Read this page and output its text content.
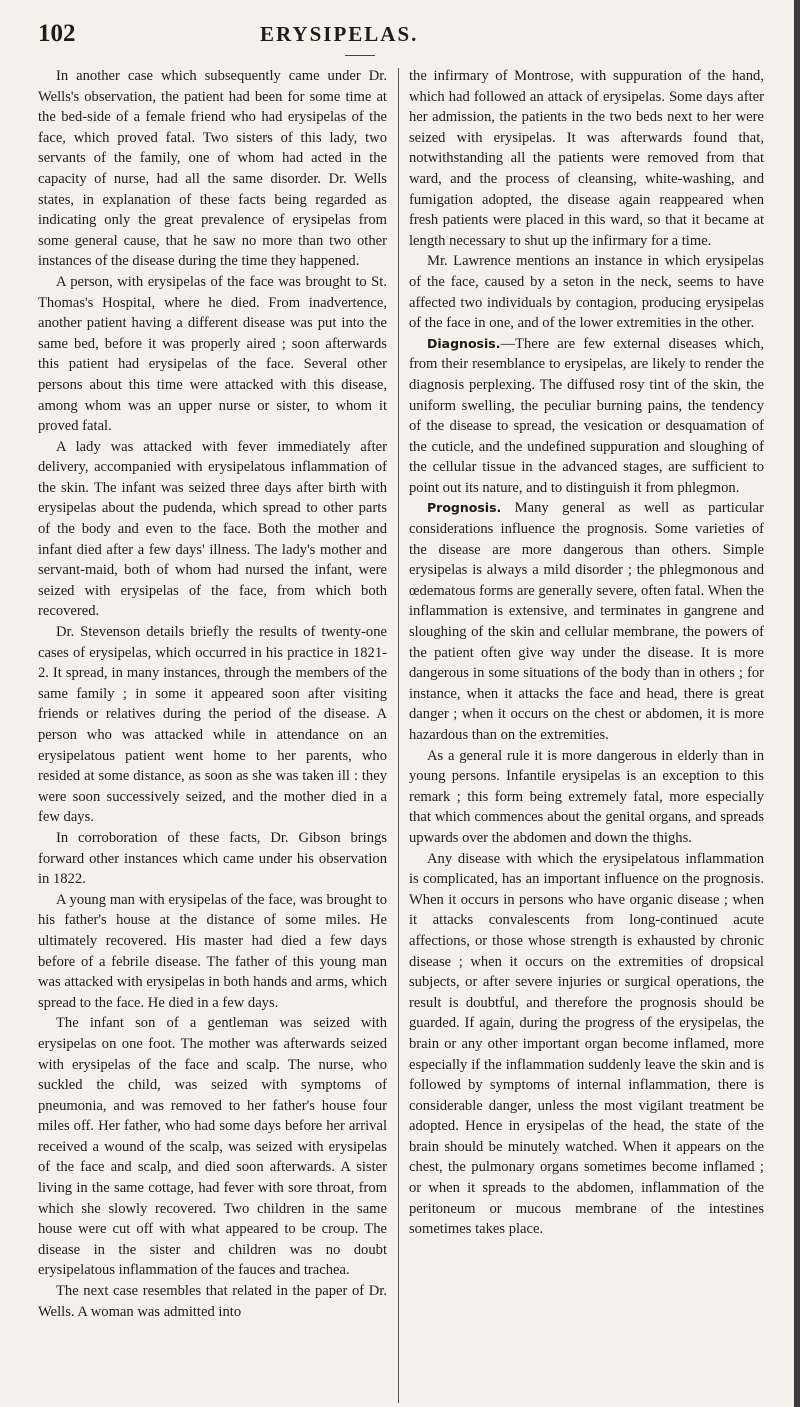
102	ERYSIPELAS.

In another case which subsequently came under Dr. Wells's observation, the patient had been for some time at the bed-side of a female friend who had erysipelas of the face, which proved fatal. Two sisters of this lady, two servants of the family, one of whom had acted in the capacity of nurse, had all the same disorder. Dr. Wells states, in explanation of these facts being regarded as indicating only the great prevalence of erysipelas from some general cause, that he saw no more than two other instances of the disease during the time they happened.

A person, with erysipelas of the face was brought to St. Thomas's Hospital, where he died. From inadvertence, another patient having a different disease was put into the same bed, before it was properly aired ; soon afterwards this patient had erysipelas of the face. Several other persons about this time were attacked with this disease, among whom was an upper nurse or sister, to whom it proved fatal.

A lady was attacked with fever immediately after delivery, accompanied with erysipelatous inflammation of the skin. The infant was seized three days after birth with erysipelas about the pudenda, which spread to other parts of the body and even to the face. Both the mother and infant died after a few days' illness. The lady's mother and servant-maid, both of whom had nursed the infant, were seized with erysipelas of the face, from which both recovered.

Dr. Stevenson details briefly the results of twenty-one cases of erysipelas, which occurred in his practice in 1821-2. It spread, in many instances, through the members of the same family ; in some it appeared soon after visiting friends or relatives during the period of the disease. A person who was attacked while in attendance on an erysipelatous patient went home to her parents, who resided at some distance, as soon as she was taken ill : they were soon successively seized, and the mother died in a few days.

In corroboration of these facts, Dr. Gibson brings forward other instances which came under his observation in 1822.

A young man with erysipelas of the face, was brought to his father's house at the distance of some miles. He ultimately recovered. His master had died a few days before of a febrile disease. The father of this young man was attacked with erysipelas in both hands and arms, which spread to the face. He died in a few days.

The infant son of a gentleman was seized with erysipelas on one foot. The mother was afterwards seized with erysipelas of the face and scalp. The nurse, who suckled the child, was seized with symptoms of pneumonia, and was removed to her father's house four miles off. Her father, who had some days before her arrival received a wound of the scalp, was seized with erysipelas of the face and scalp, and died soon afterwards. A sister living in the same cottage, had fever with sore throat, from which she slowly recovered. Two children in the same house were cut off with what appeared to be croup. The disease in the sister and children was no doubt erysipelatous inflammation of the fauces and trachea.

The next case resembles that related in the paper of Dr. Wells. A woman was admitted into

the infirmary of Montrose, with suppuration of the hand, which had followed an attack of erysipelas. Some days after her admission, the patients in the two beds next to her were seized with erysipelas. It was afterwards found that, notwithstanding all the patients were removed from that ward, and the process of cleansing, white-washing, and fumigation adopted, the disease again reappeared when fresh patients were placed in this ward, so that it became at length necessary to shut up the infirmary for a time.

Mr. Lawrence mentions an instance in which erysipelas of the face, caused by a seton in the neck, seems to have affected two individuals by contagion, producing erysipelas of the face in one, and of the lower extremities in the other.

Diagnosis.—There are few external diseases which, from their resemblance to erysipelas, are likely to render the diagnosis perplexing. The diffused rosy tint of the skin, the uniform swelling, the peculiar burning pains, the tendency of the disease to spread, the vesication or desquamation of the cuticle, and the undefined suppuration and sloughing of the cellular tissue in the advanced stages, are sufficient to point out its nature, and to distinguish it from phlegmon.

Prognosis. Many general as well as particular considerations influence the prognosis. Some varieties of the disease are more dangerous than others. Simple erysipelas is always a mild disorder ; the phlegmonous and œdematous forms are generally severe, often fatal. When the inflammation is extensive, and terminates in gangrene and sloughing of the skin and cellular membrane, the powers of the patient often give way under the disease. It is more dangerous in some situations of the body than in others ; for instance, when it attacks the face and head, there is great danger ; when it occurs on the chest or abdomen, it is more hazardous than on the extremities.

As a general rule it is more dangerous in elderly than in young persons. Infantile erysipelas is an exception to this remark ; this form being extremely fatal, more especially that which commences about the genital organs, and spreads upwards over the abdomen and down the thighs.

Any disease with which the erysipelatous inflammation is complicated, has an important influence on the prognosis. When it occurs in persons who have organic disease ; when it attacks convalescents from long-continued acute affections, or those whose strength is exhausted by chronic disease ; when it occurs on the extremities of dropsical subjects, or after severe injuries or surgical operations, the result is doubtful, and therefore the prognosis should be guarded. If again, during the progress of the erysipelas, the brain or any other important organ become inflamed, more especially if the inflammation suddenly leave the skin and is followed by symptoms of internal inflammation, there is considerable danger, unless the most vigilant treatment be adopted. Hence in erysipelas of the head, the state of the brain should be minutely watched. When it appears on the chest, the pulmonary organs sometimes become inflamed ; or when it spreads to the abdomen, inflammation of the peritoneum or mucous membrane of the intestines sometimes takes place.
